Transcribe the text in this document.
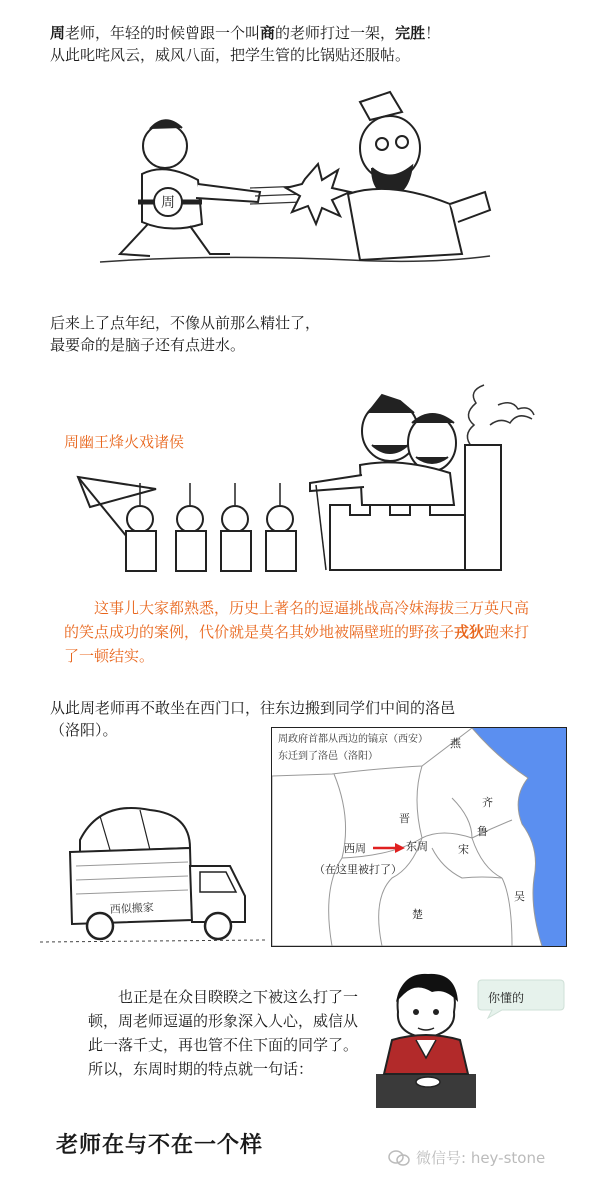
周老师，年轻的时候曾跟一个叫商的老师打过一架，完胜！
从此叱咤风云，威风八面，把学生管的比锅贴还服帖。
周
后来上了点年纪，不像从前那么精壮了，
最要命的是脑子还有点进水。
周幽王烽火戏诸侯
这事儿大家都熟悉，历史上著名的逗逼挑战高冷妹海拔三万英尺高的笑点成功的案例，代价就是莫名其妙地被隔壁班的野孩子戎狄跑来打了一顿结实。
从此周老师再不敢坐在西门口，往东边搬到同学们中间的洛邑
（洛阳）。
西似搬家
周政府首都从西边的镐京（西安）
东迁到了洛邑（洛阳）
燕
晋
齐
鲁
宋
吴
楚
西周	东周
（在这里被打了）
也正是在众目睽睽之下被这么打了一顿，周老师逗逼的形象深入人心，威信从此一落千丈，再也管不住下面的同学了。所以，东周时期的特点就一句话：
你懂的
老师在与不在一个样	微信号: hey-stone
